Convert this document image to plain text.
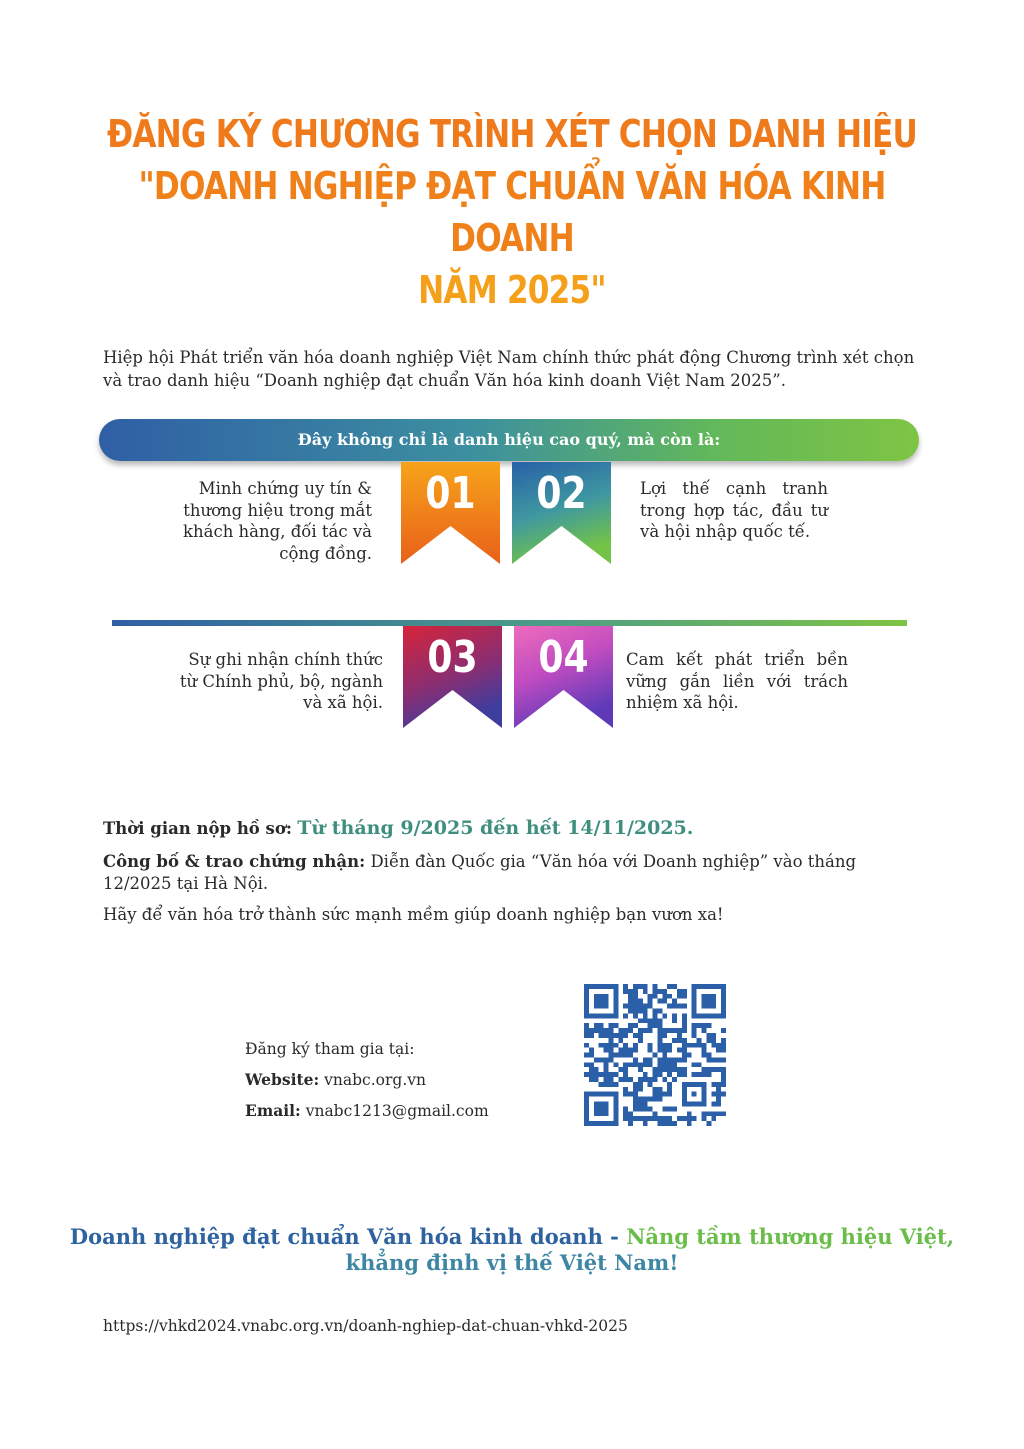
ĐĂNG KÝ CHƯƠNG TRÌNH XÉT CHỌN DANH HIỆU
"DOANH NGHIỆP ĐẠT CHUẨN VĂN HÓA KINH DOANH
NĂM 2025"
Hiệp hội Phát triển văn hóa doanh nghiệp Việt Nam chính thức phát động Chương trình xét chọn và trao danh hiệu “Doanh nghiệp đạt chuẩn Văn hóa kinh doanh Việt Nam 2025”.
Đây không chỉ là danh hiệu cao quý, mà còn là:
01	02
03	04
Minh chứng uy tín & thương hiệu trong mắt khách hàng, đối tác và cộng đồng.
Lợi thế cạnh tranh trong hợp tác, đầu tư và hội nhập quốc tế.
Sự ghi nhận chính thức từ Chính phủ, bộ, ngành và xã hội.
Cam kết phát triển bền vững gắn liền với trách nhiệm xã hội.
Thời gian nộp hồ sơ: Từ tháng 9/2025 đến hết 14/11/2025.
Công bố & trao chứng nhận: Diễn đàn Quốc gia “Văn hóa với Doanh nghiệp” vào tháng 12/2025 tại Hà Nội.
Hãy để văn hóa trở thành sức mạnh mềm giúp doanh nghiệp bạn vươn xa!
Đăng ký tham gia tại:
Website: vnabc.org.vn
Email: vnabc1213@gmail.com
Doanh nghiệp đạt chuẩn Văn hóa kinh doanh - Nâng tầm thương hiệu Việt,
khẳng định vị thế Việt Nam!
https://vhkd2024.vnabc.org.vn/doanh-nghiep-dat-chuan-vhkd-2025
